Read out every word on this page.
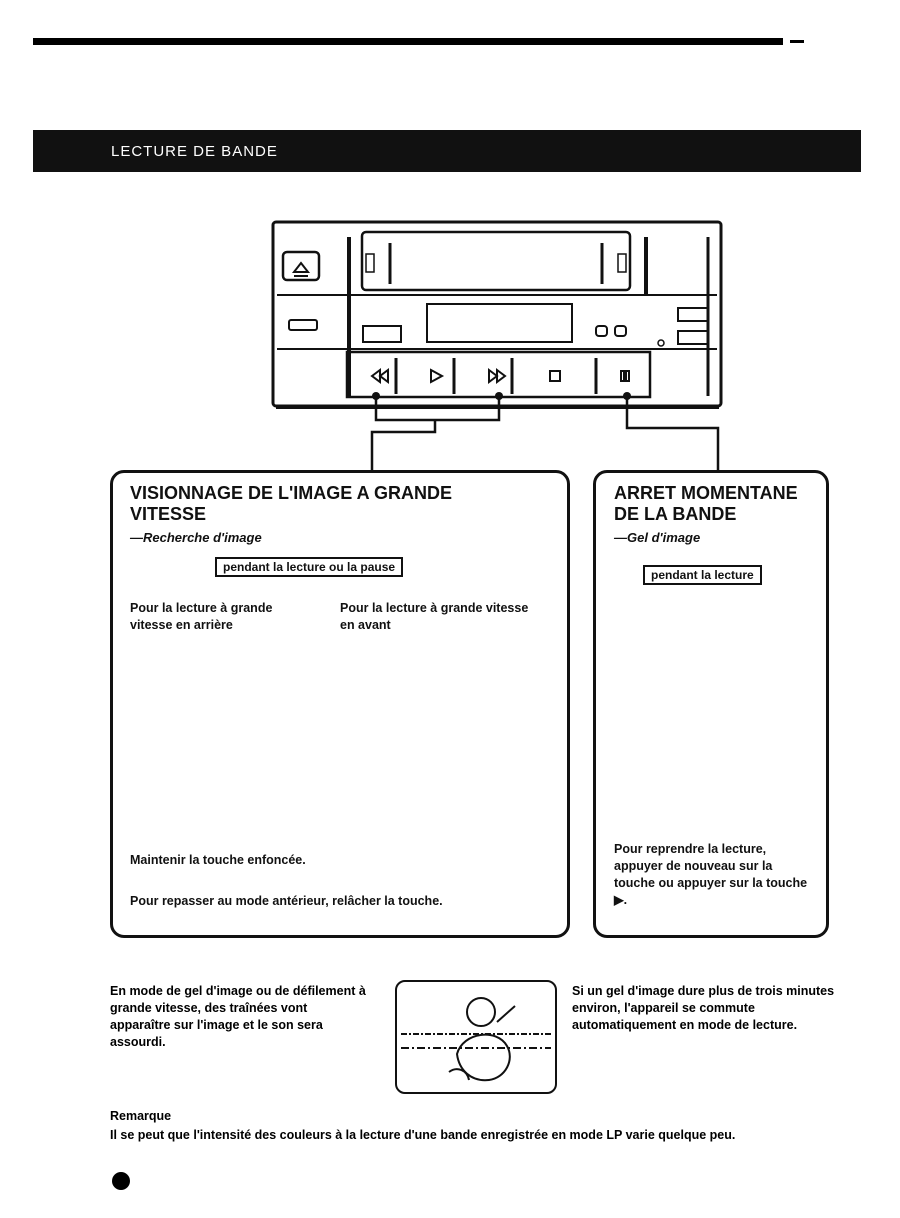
LECTURE DE BANDE
VISIONNAGE DE L'IMAGE A GRANDE VITESSE
—Recherche d'image
pendant la lecture ou la pause
Pour la lecture à grande vitesse en arrière
Pour la lecture à grande vitesse en avant
Maintenir la touche enfoncée.
Pour repasser au mode antérieur, relâcher la touche.
ARRET MOMENTANE DE LA BANDE
—Gel d'image
pendant la lecture
Pour reprendre la lecture, appuyer de nouveau sur la touche ou appuyer sur la touche ▶.
En mode de gel d'image ou de défilement à grande vitesse, des traînées vont apparaître sur l'image et le son sera assourdi.
Si un gel d'image dure plus de trois minutes environ, l'appareil se commute automatiquement en mode de lecture.
Remarque
Il se peut que l'intensité des couleurs à la lecture d'une bande enregistrée en mode LP varie quelque peu.
